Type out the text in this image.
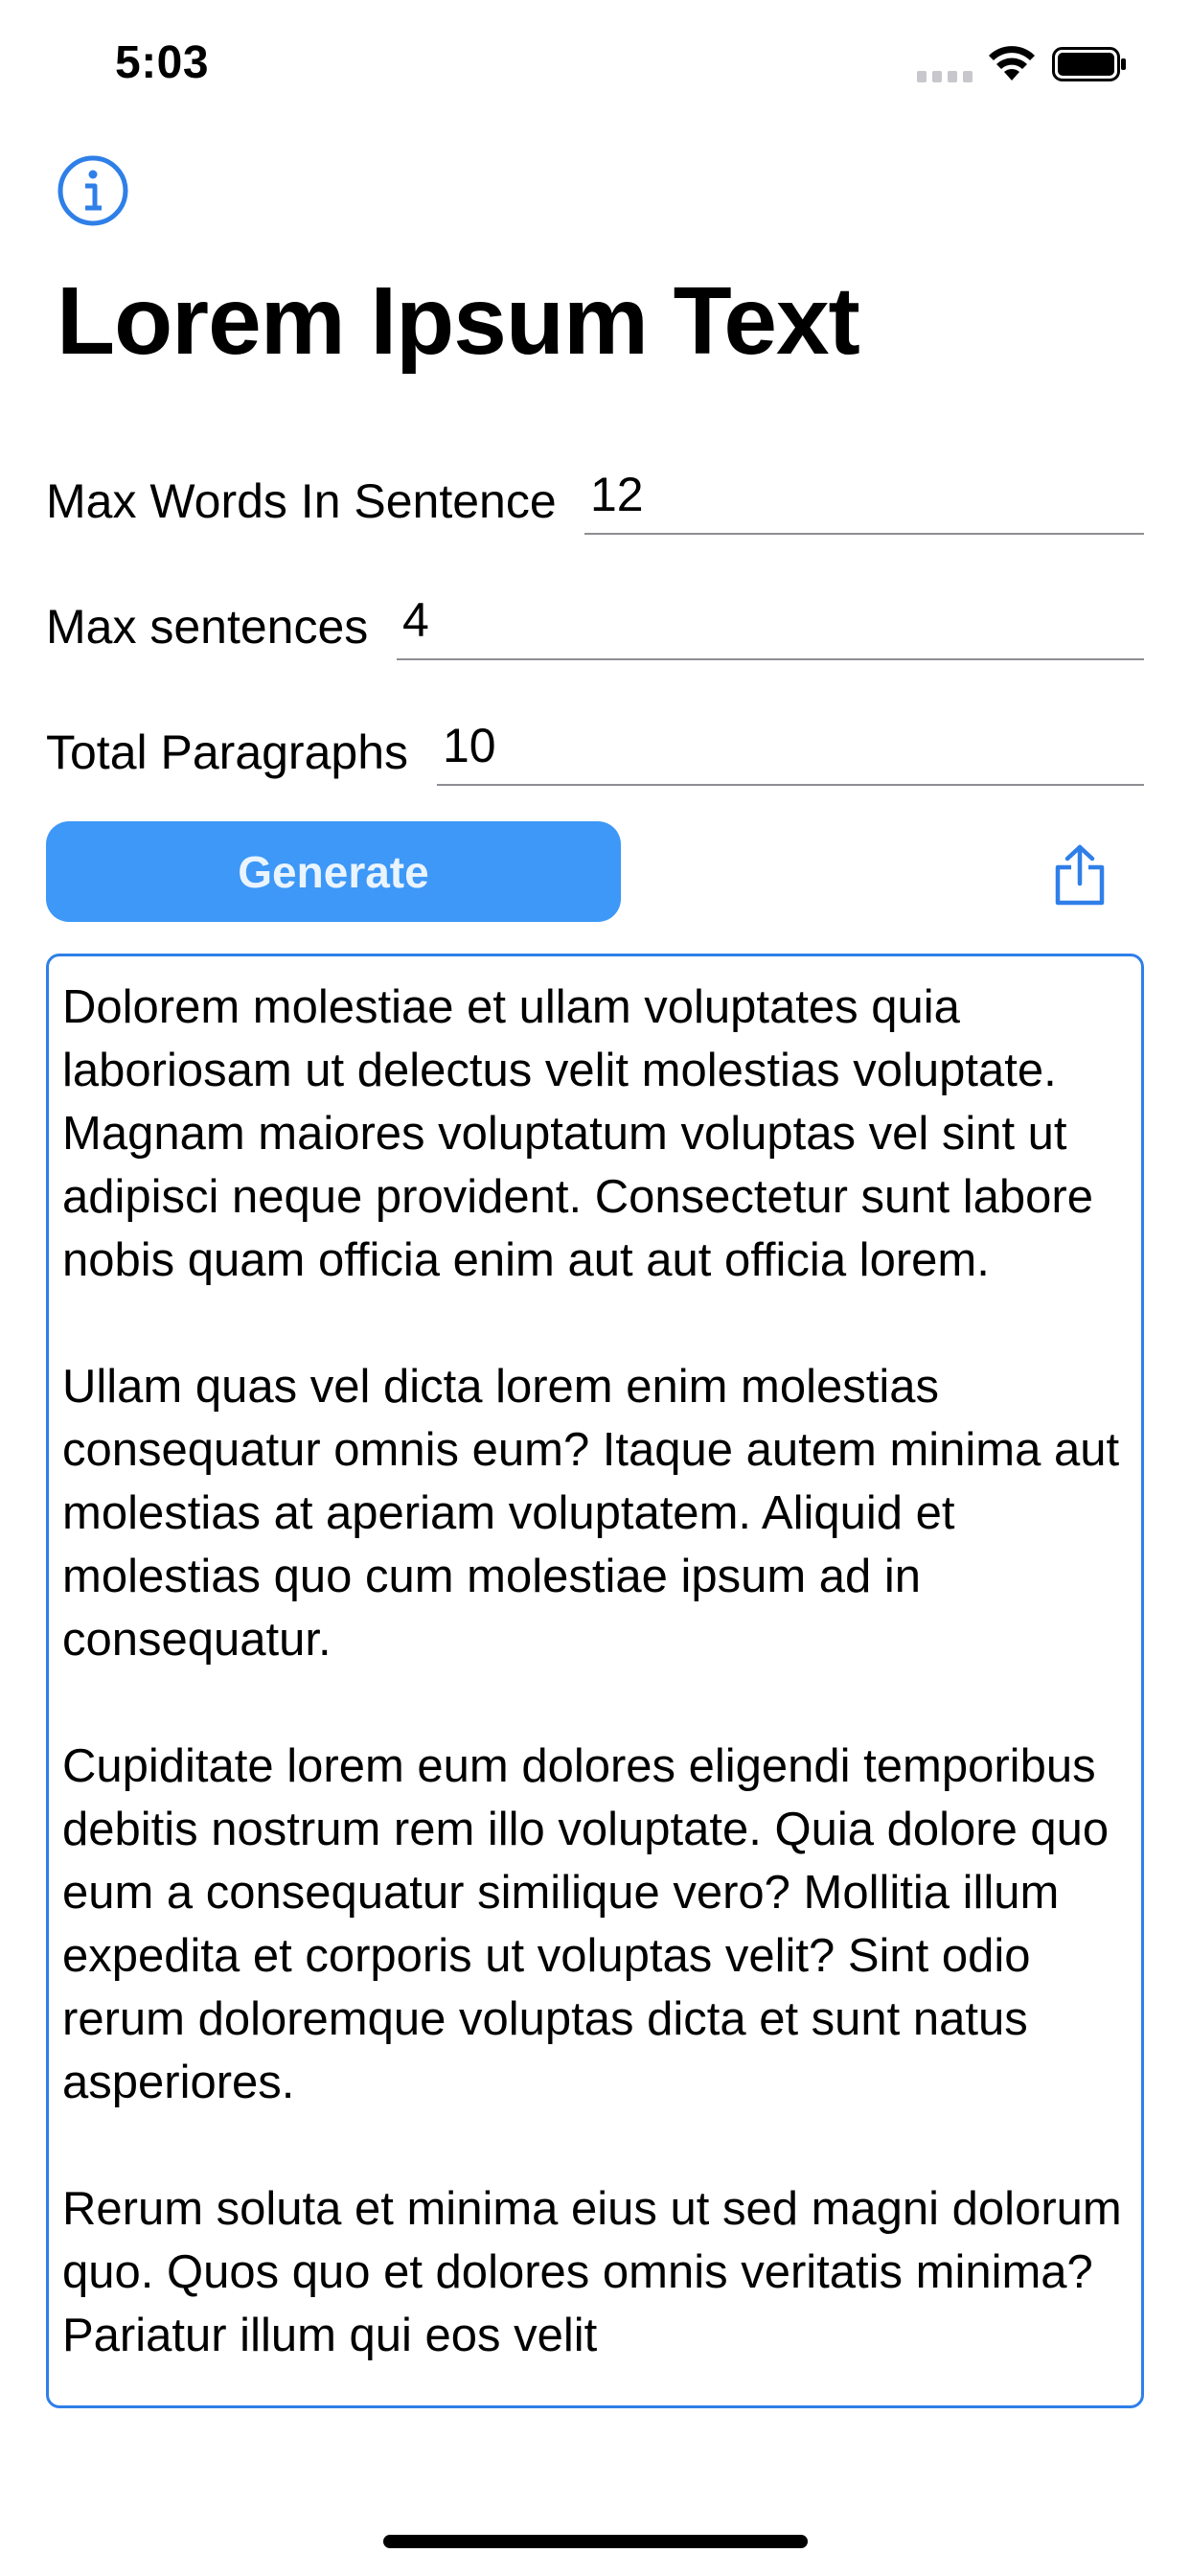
5:03
Lorem Ipsum Text
Max Words In Sentence
12
Max sentences
4
Total Paragraphs
10
Generate

Dolorem molestiae et ullam voluptates quia laboriosam ut delectus velit molestias voluptate. Magnam maiores voluptatum voluptas vel sint ut adipisci neque provident. Consectetur sunt labore nobis quam officia enim aut aut officia lorem.

Ullam quas vel dicta lorem enim molestias consequatur omnis eum? Itaque autem minima aut molestias at aperiam voluptatem. Aliquid et molestias quo cum molestiae ipsum ad in consequatur.

Cupiditate lorem eum dolores eligendi temporibus debitis nostrum rem illo voluptate. Quia dolore quo eum a consequatur similique vero? Mollitia illum expedita et corporis ut voluptas velit? Sint odio rerum doloremque voluptas dicta et sunt natus asperiores.

Rerum soluta et minima eius ut sed magni dolorum quo. Quos quo et dolores omnis veritatis minima? Pariatur illum qui eos velit
